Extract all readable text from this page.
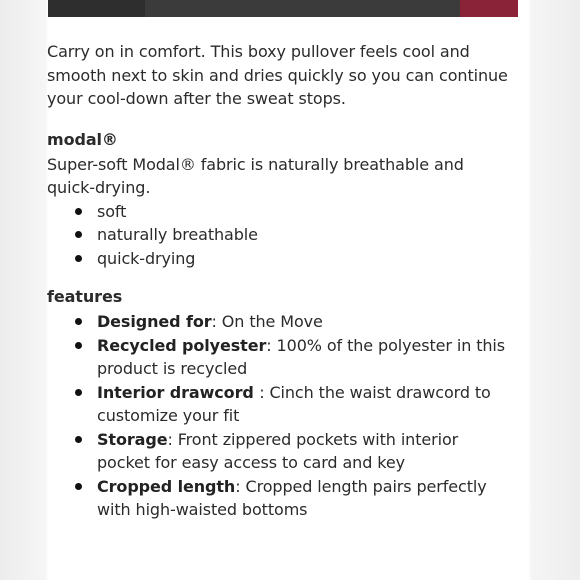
Carry on in comfort. This boxy pullover feels cool and smooth next to skin and dries quickly so you can continue your cool-down after the sweat stops.

modal®

Super-soft Modal® fabric is naturally breathable and quick-drying.

soft
naturally breathable
quick-drying

features

Designed for: On the Move
Recycled polyester: 100% of the polyester in this product is recycled
Interior drawcord : Cinch the waist drawcord to customize your fit
Storage: Front zippered pockets with interior pocket for easy access to card and key
Cropped length: Cropped length pairs perfectly with high-waisted bottoms
